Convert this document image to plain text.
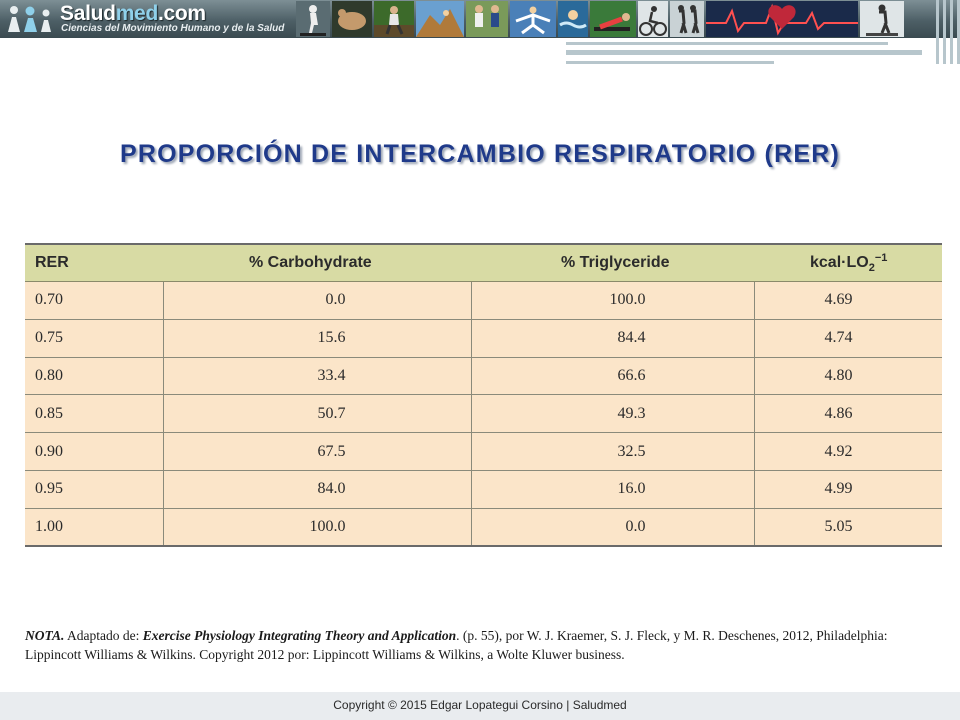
Saludmed.com
Ciencias del Movimiento Humano y de la Salud
PROPORCIÓN DE INTERCAMBIO RESPIRATORIO (RER)
RER	% Carbohydrate	% Triglyceride	$kcal\cdot LO_2^{-1}$
0.70	0.0	100.0	4.69
0.75	15.6	84.4	4.74
0.80	33.4	66.6	4.80
0.85	50.7	49.3	4.86
0.90	67.5	32.5	4.92
0.95	84.0	16.0	4.99
1.00	100.0	0.0	5.05
NOTA. Adaptado de: Exercise Physiology Integrating Theory and Application. (p. 55), por W. J. Kraemer, S. J. Fleck, y M. R. Deschenes, 2012, Philadelphia: Lippincott Williams & Wilkins. Copyright 2012 por: Lippincott Williams & Wilkins, a Wolte Kluwer business.
Copyright © 2015 Edgar Lopategui Corsino | Saludmed
